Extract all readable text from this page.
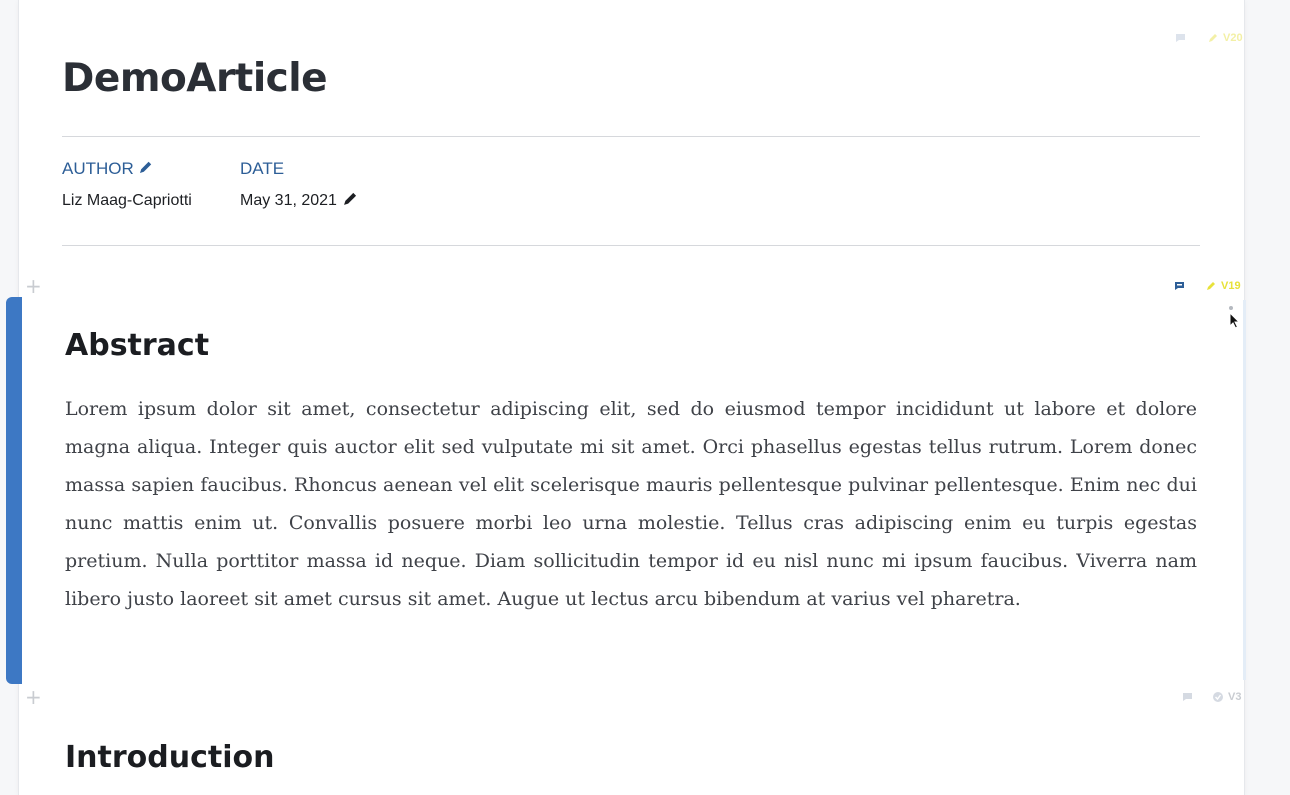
V20
DemoArticle
AUTHOR
Liz Maag-Capriotti
DATE
May 31, 2021
+
+
V19
Abstract

Lorem ipsum dolor sit amet, consectetur adipiscing elit, sed do eiusmod tempor incididunt ut labore et dolore magna aliqua. Integer quis auctor elit sed vulputate mi sit amet. Orci phasellus egestas tellus rutrum. Lorem donec massa sapien faucibus. Rhoncus aenean vel elit scelerisque mauris pellentesque pulvinar pellentesque. Enim nec dui nunc mattis enim ut. Convallis posuere morbi leo urna molestie. Tellus cras adipiscing enim eu turpis egestas pretium. Nulla porttitor massa id neque. Diam sollicitudin tempor id eu nisl nunc mi ipsum faucibus. Viverra nam libero justo laoreet sit amet cursus sit amet. Augue ut lectus arcu bibendum at varius vel pharetra.

V3
Introduction
